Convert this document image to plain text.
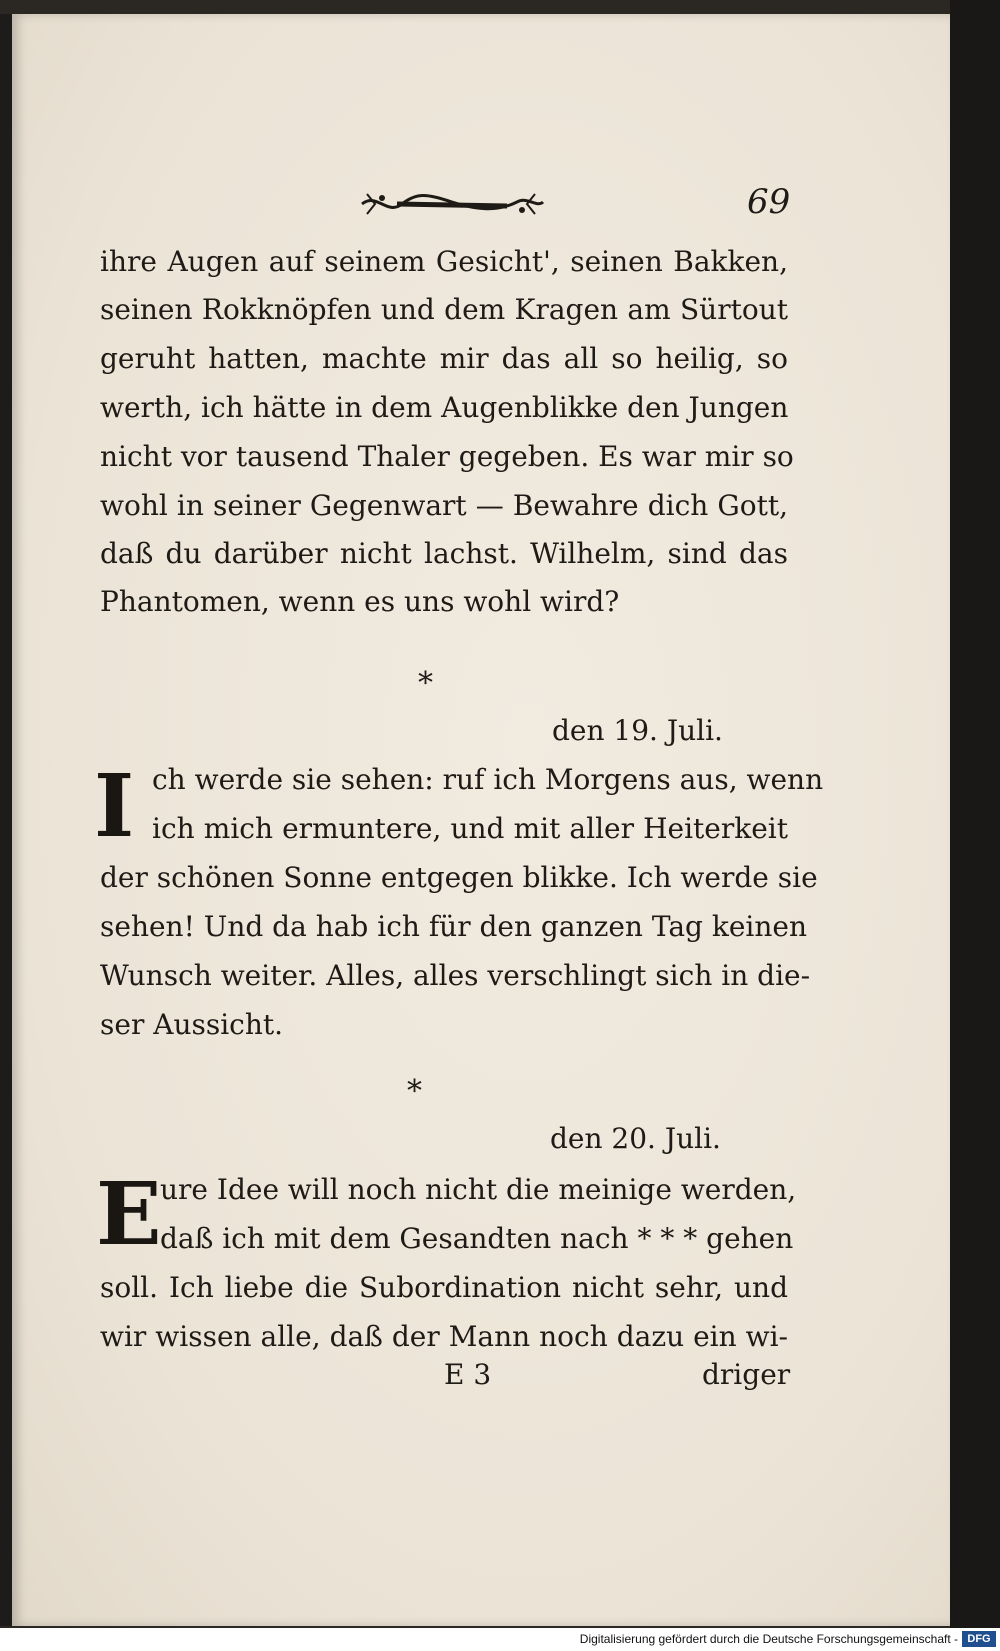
69
ihre Augen auf seinem Gesicht', seinen Bakken,
seinen Rokknöpfen und dem Kragen am Sürtout
geruht hatten, machte mir das all so heilig, so
werth, ich hätte in dem Augenblikke den Jungen
nicht vor tausend Thaler gegeben. Es war mir so
wohl in seiner Gegenwart — Bewahre dich Gott,
daß du darüber nicht lachst. Wilhelm, sind das
Phantomen, wenn es uns wohl wird?
*
den 19. Juli.
I ch werde sie sehen: ruf ich Morgens aus, wenn
ich mich ermuntere, und mit aller Heiterkeit
der schönen Sonne entgegen blikke. Ich werde sie
sehen! Und da hab ich für den ganzen Tag keinen
Wunsch weiter. Alles, alles verschlingt sich in die-
ser Aussicht.
*
den 20. Juli.
E
ure Idee will noch nicht die meinige werden,
daß ich mit dem Gesandten nach * * * gehen
soll. Ich liebe die Subordination nicht sehr, und
wir wissen alle, daß der Mann noch dazu ein wi-
E 3	driger
Digitalisierung gefördert durch die Deutsche Forschungsgemeinschaft - DFG
